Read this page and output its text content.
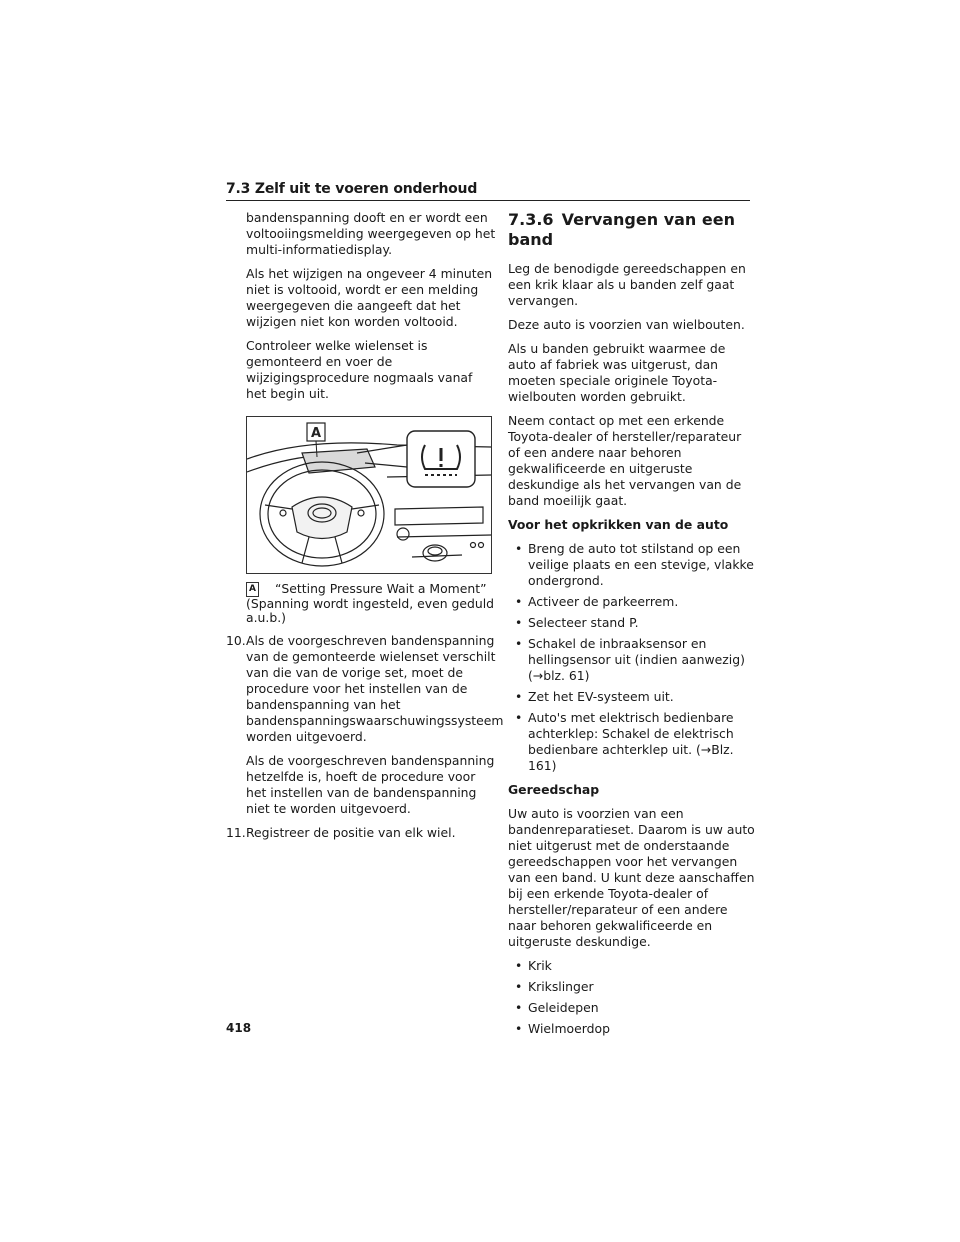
7.3 Zelf uit te voeren onderhoud

bandenspanning dooft en er wordt een voltooiingsmelding weergegeven op het multi-informatiedisplay.

Als het wijzigen na ongeveer 4 minuten niet is voltooid, wordt er een melding weergegeven die aangeeft dat het wijzigen niet kon worden voltooid.

Controleer welke wielenset is gemonteerd en voer de wijzigingsprocedure nogmaals vanaf het begin uit.

A
A “Setting Pressure Wait a Moment” (Spanning wordt ingesteld, even geduld a.u.b.)
10. Als de voorgeschreven bandenspanning van de gemonteerde wielenset verschilt van die van de vorige set, moet de procedure voor het instellen van de bandenspanning van het bandenspanningswaarschuwingssysteem worden uitgevoerd.

Als de voorgeschreven bandenspanning hetzelfde is, hoeft de procedure voor het instellen van de bandenspanning niet te worden uitgevoerd.

11. Registreer de positie van elk wiel.
7.3.6 Vervangen van een band

Leg de benodigde gereedschappen en een krik klaar als u banden zelf gaat vervangen.

Deze auto is voorzien van wielbouten.

Als u banden gebruikt waarmee de auto af fabriek was uitgerust, dan moeten speciale originele Toyota-wielbouten worden gebruikt.

Neem contact op met een erkende Toyota-dealer of hersteller/reparateur of een andere naar behoren gekwalificeerde en uitgeruste deskundige als het vervangen van de band moeilijk gaat.

Voor het opkrikken van de auto

• Breng de auto tot stilstand op een veilige plaats en een stevige, vlakke ondergrond.
• Activeer de parkeerrem.
• Selecteer stand P.
• Schakel de inbraaksensor en hellingsensor uit (indien aanwezig) (→blz. 61)
• Zet het EV-systeem uit.
• Auto's met elektrisch bedienbare achterklep: Schakel de elektrisch bedienbare achterklep uit. (→Blz. 161)

Gereedschap

Uw auto is voorzien van een bandenreparatieset. Daarom is uw auto niet uitgerust met de onderstaande gereedschappen voor het vervangen van een band. U kunt deze aanschaffen bij een erkende Toyota-dealer of hersteller/reparateur of een andere naar behoren gekwalificeerde en uitgeruste deskundige.

• Krik
• Krikslinger
• Geleidepen
• Wielmoerdop
418
